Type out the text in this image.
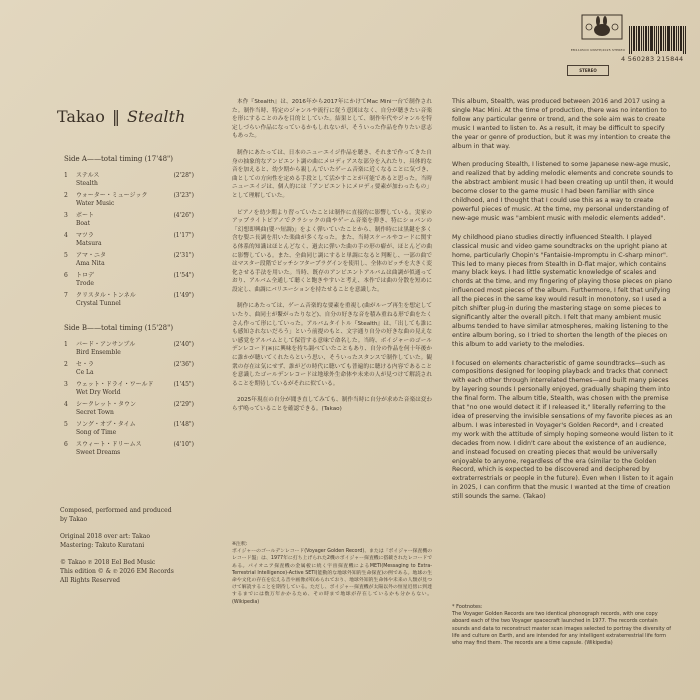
EM1195CD UNSTE/2025 STEREO
STEREO
4 560283 215844
Takao ‖ Stealth
Side A——total timing (17'48")
1	ステルス
Stealth
(2'28")
2	ウォーター・ミュージック
Water Music
(3'23")
3	ボート
Boat
(4'26")
4	マツラ
Matsura
(1'17")
5	アマ・ニタ
Ama Nita
(2'31")
6	トロデ
Trode
(1'54")
7	クリスタル・トンネル
Crystal Tunnel
(1'49")
Side B——total timing (15'28")
1	バード・アンサンブル
Bird Ensemble
(2'40")
2	セ・ラ
Ce La
(2'36")
3	ウェット・ドライ・ワールド
Wet Dry World
(1'45")
4	シークレット・タウン
Secret Town
(2'29")
5	ソング・オブ・タイム
Song of Time
(1'48")
6	スウィート・ドリームス
Sweet Dreams
(4'10")
Composed, performed and produced
by Takao
Original 2018 over art: Takao
Mastering: Takuto Kuratani
© Takao ℗ 2018 Eel Bed Music
This edition © & ℗ 2026 EM Records
All Rights Reserved

本作『Stealth』は、2016年から2017年にかけてMac Mini一台で制作された。制作当時、特定のジャンルや流行に従う意図はなく、自分が聴きたい音楽を形にすることのみを目的としていた。結果として、制作年代やジャンルを特定しづらい作品になっているかもしれないが、そういった作品を作りたい意志もあった。

制作にあたっては、日本のニューエイジ作品を聴き、それまで作ってきた自身の抽象的なアンビエント調の曲にメロディアスな部分を入れたり、具体的な音を加えると、幼少期から親しんでいたゲーム音楽に近くなることに気づき、曲としての方向性を定める手段として活かすことが可能であると思った。当時ニューエイジは、個人的には「アンビエントにメロディ要素が加わったもの」として理解していた。

ピアノを幼少期より習っていたことは制作に直接的に影響している。実家のアップライトピアノでクラシックの曲やゲーム音楽を弾き、特にショパンの「幻想即興曲(嬰ハ短調)」をよく弾いていたことから、制作時には黒鍵を多く含む嬰ニ長調を用いた楽曲が多くなった。また、当時スケールやコードに関する体系的知識はほとんどなく、過去に弾いた曲の手の形の癖が、ほとんどの曲に影響している。また、全曲同じ調にすると単調になると判断し、一部の曲ではマスター段階でピッチシフタープラグインを使用し、全体のピッチを大きく変化させる手法を用いた。当時、既存のアンビエントアルバムは曲調が似通っており、アルバム全通して聴くと飽きやすいと考え、本作では曲の分散を短めに設定し、曲調にバリエーションを持たせることを意識した。

制作にあたっては、ゲーム音楽的な要素を重視し(曲がループ再生を想定していたり、曲同士が繋がったりなど)、自分の好きな音を積み重ねる形で曲をたくさん作って形にしていった。アルバムタイトル『Stealth』は、「出しても誰にも感知されないだろう」という前提のもと、文字通り自分の好きな曲の見えない感覚をアルバムとして保管する意味で命名した。当時、ボイジャーのゴールデンレコード(※)に興味を持ち調べていたこともあり、自分の作品を何十年後かに誰かが聴いてくれたらという思い、そういったスタンスで制作していた。観衆の存在は気にせず、誰がどの時代に聴いても普遍的に聴ける内容であることを意識したゴールデンレコードは地球外生命体や未来の人が見つけて解読されることを期待しているがそれに似ている。

2025年現在の自分が聞き直してみても、制作当時に自分が求めた音楽は変わらず鳴っていることを確認できる。(Takao)

※注釈:
ボイジャーのゴールデンレコード(Voyager Golden Record)、または「ボイジャー探査機のレコード盤」は、1977年に打ち上げられた2機のボイジャー探査機に搭載されたレコードである。パイオニア探査機の金属板に続く宇宙探査機によるMETI(Messaging to Extra-Terrestrial Intelligence)-Active SETI(能動的な地球外知的生命探査)の例である。地球の生命や文化の存在を伝える音や画像が収められており、地球外知的生命体や未来の人類が見つけて解読することを期待している。ただし、ボイジャー探査機が太陽以外の恒星近傍に到達するまでには数万年かかるため、その時まで地球が存在しているかも分からない。(Wikipedia)

This album, Stealth, was produced between 2016 and 2017 using a single Mac Mini. At the time of production, there was no intention to follow any particular genre or trend, and the sole aim was to create music I wanted to listen to. As a result, it may be difficult to specify the year or genre of production, but it was my intention to create the album in that way.

When producing Stealth, I listened to some Japanese new-age music, and realized that by adding melodic elements and concrete sounds to the abstract ambient music I had been creating up until then, it would become closer to the game music I had been familiar with since childhood, and I thought that I could use this as a way to create powerful pieces of music. At the time, my personal understanding of new-age music was "ambient music with melodic elements added".

My childhood piano studies directly influenced Stealth. I played classical music and video game soundtracks on the upright piano at home, particularly Chopin's "Fantaisie-Impromptu in C-sharp minor". This led to many pieces from Stealth in D-flat major, which contains many black keys. I had little systematic knowledge of scales and chords at the time, and my fingering of playing those pieces on piano influenced most pieces of the album. Furthermore, I felt that unifying all the pieces in the same key would result in monotony, so I used a pitch shifter plug-in during the mastering stage on some pieces to significantly alter the overall pitch. I felt that many ambient music albums tended to have similar atmospheres, making listening to the entire album boring, so I tried to shorten the length of the pieces on this album to add variety to the melodies.

I focused on elements characteristic of game soundtracks—such as compositions designed for looping playback and tracks that connect with each other through interrelated themes—and built many pieces by layering sounds I personally enjoyed, gradually shaping them into the final form. The album title, Stealth, was chosen with the premise that "no one would detect it if I released it," literally referring to the idea of preserving the invisible sensations of my favorite pieces as an album. I was interested in Voyager's Golden Record*, and I created my work with the attitude of simply hoping someone would listen to it decades from now. I didn't care about the existence of an audience, and instead focused on creating pieces that would be universally enjoyable to anyone, regardless of the era (similar to the Golden Record, which is expected to be discovered and deciphered by extraterrestrials or people in the future). Even when I listen to it again in 2025, I can confirm that the music I wanted at the time of creation still sounds the same. (Takao)

* Footnotes:
The Voyager Golden Records are two identical phonograph records, with one copy aboard each of the two Voyager spacecraft launched in 1977. The records contain sounds and data to reconstruct master scan images selected to portray the diversity of life and culture on Earth, and are intended for any intelligent extraterrestrial life form who may find them. The records are a time capsule. (Wikipedia)
